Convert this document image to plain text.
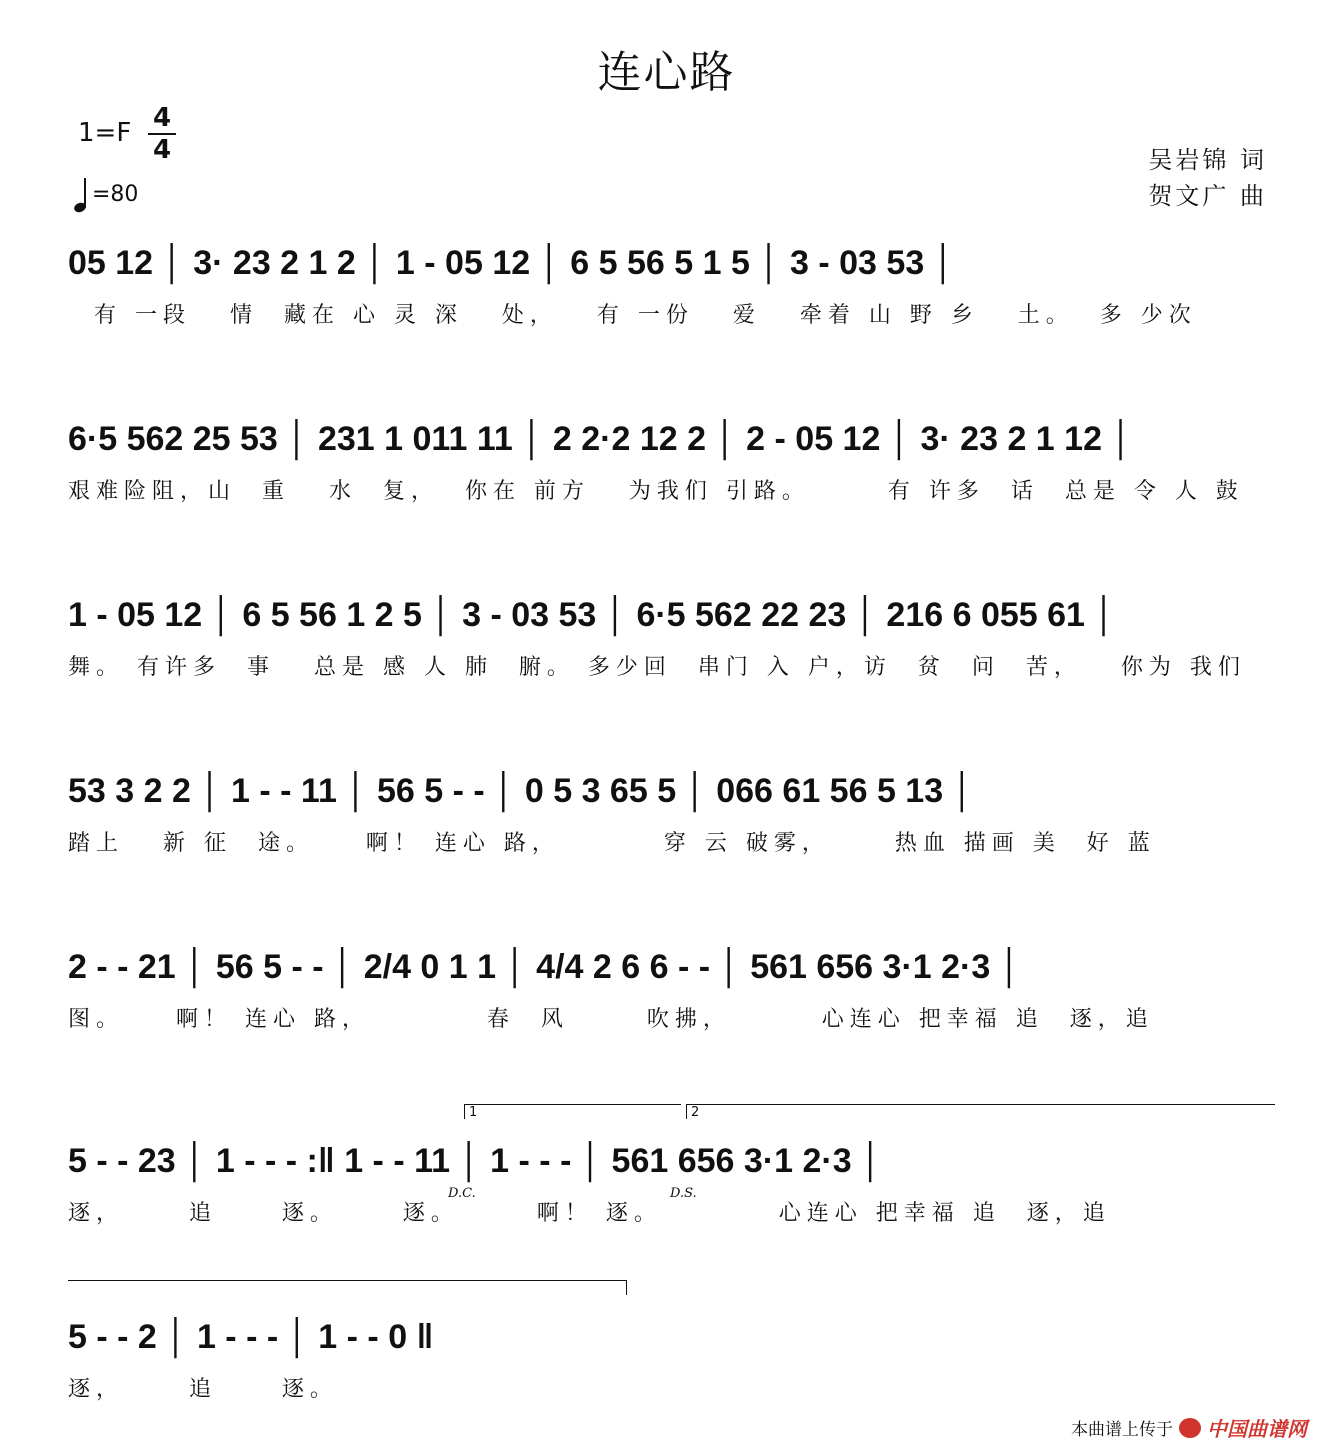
连心路
1=F 4
4
=80
吴岩锦 词
贺文广 曲
05 12 │ 3· 23 2 1 2 │ 1 - 05 12 │ 6 5 56 5 1 5 │ 3 - 03 53 │
有 一段   情  藏在 心 灵 深   处，   有 一份   爱   牵着 山 野 乡   土。  多 少次
6·5 562 25 53 │ 231 1 011 11 │ 2 2·2 12 2 │ 2 - 05 12 │ 3· 23 2 1 12 │
艰难险阻，山  重   水  复，  你在 前方   为我们 引路。      有 许多  话  总是 令 人 鼓
1 - 05 12 │ 6 5 56 1 2 5 │ 3 - 03 53 │ 6·5 562 22 23 │ 216 6 055 61 │
舞。 有许多  事   总是 感 人 肺  腑。 多少回  串门 入 户，访  贫  问  苦，   你为 我们
53 3 2 2 │ 1 - - 11 │ 56 5 - - │ 0 5 3 65 5 │ 066 61 56 5 13 │
踏上   新 征  途。    啊！ 连心 路，        穿 云 破雾，     热血 描画 美  好 蓝
2 - - 21 │ 56 5 - - │ 2/4 0 1 1 │ 4/4 2 6 6 - - │ 561 656 3·1 2·3 │
图。    啊！ 连心 路，         春  风      吹拂，       心连心 把幸福 追  逐，追
1	2
5 - - 23 │ 1 - - - :‖ 1 - - 11 │ 1 - - - │ 561 656 3·1 2·3 │
逐，     追     逐。     逐。      啊！ 逐。         心连心 把幸福 追  逐，追
D.C.	D.S.
5 - - 2 │ 1 - - - │ 1 - - 0 ‖
逐，     追     逐。
本曲谱上传于 中国曲谱网
